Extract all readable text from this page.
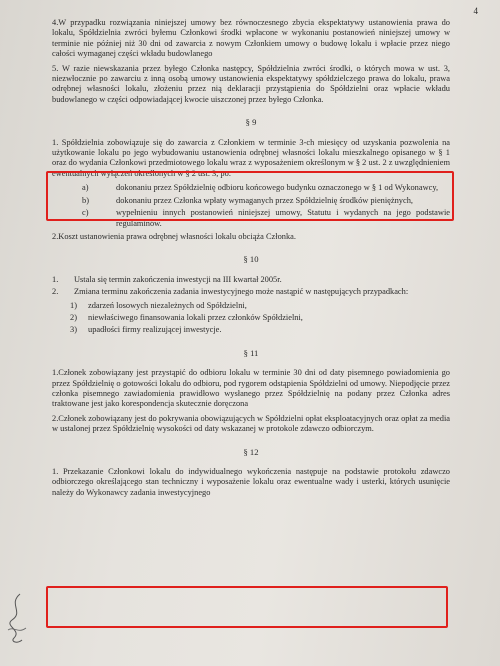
4

4.W przypadku rozwiązania niniejszej umowy bez równoczesnego zbycia ekspektatywy ustanowienia prawa do lokalu, Spółdzielnia zwróci byłemu Członkowi środki wpłacone w wykonaniu postanowień niniejszej umowy w terminie nie później niż 30 dni od zawarcia z nowym Członkiem umowy o budowę lokalu i wpłacie przez niego całości wymaganej części wkładu budowlanego

5. W razie niewskazania przez byłego Członka następcy, Spółdzielnia zwróci środki, o których mowa w ust. 3, niezwłocznie po zawarciu z inną osobą umowy ustanowienia ekspektatywy spółdzielczego prawa do lokalu, prawa odrębnej własności lokalu, złożeniu przez nią deklaracji przystąpienia do Spółdzielni oraz wpłacie wkładu budowlanego w części odpowiadającej kwocie uiszczonej przez byłego Członka.

§ 9

1. Spółdzielnia zobowiązuje się do zawarcia z Członkiem w terminie 3-ch miesięcy od uzyskania pozwolenia na użytkowanie lokalu po jego wybudowaniu ustanowienia odrębnej własności lokalu mieszkalnego opisanego w § 1 oraz do wydania Członkowi przedmiotowego lokalu wraz z wyposażeniem określonym w § 2 ust. 2 z uwzględnieniem ewentualnych wyłączeń określonych w § 2 ust. 3, po:

a)	dokonaniu przez Spółdzielnię odbioru końcowego budynku oznaczonego w § 1 od Wykonawcy,
b)	dokonaniu przez Członka wpłaty wymaganych przez Spółdzielnię środków pieniężnych,
c)	wypełnieniu innych postanowień niniejszej umowy, Statutu i wydanych na jego podstawie regulaminów.

2.Koszt ustanowienia prawa odrębnej własności lokalu obciąża Członka.

§ 10
1.	Ustala się termin zakończenia inwestycji na III kwartał 2005r.
2.	Zmiana terminu zakończenia zadania inwestycyjnego może nastąpić w następujących przypadkach:
1)	zdarzeń losowych niezależnych od Spółdzielni,
2)	niewłaściwego finansowania lokali przez członków Spółdzielni,
3)	upadłości firmy realizującej inwestycje.
§ 11

1.Członek zobowiązany jest przystąpić do odbioru lokalu w terminie 30 dni od daty pisemnego powiadomienia go przez Spółdzielnię o gotowości lokalu do odbioru, pod rygorem odstąpienia Spółdzielni od umowy. Niepodjęcie przez członka pisemnego zawiadomienia prawidłowo wysłanego przez Spółdzielnię na podany przez Członka adres traktowane jest jako korespondencja skutecznie doręczona

2.Członek zobowiązany jest do pokrywania obowiązujących w Spółdzielni opłat eksploatacyjnych oraz opłat za media w ustalonej przez Spółdzielnię wysokości od daty wskazanej w protokole zdawczo odbiorczym.

§ 12

1. Przekazanie Członkowi lokalu do indywidualnego wykończenia następuje na podstawie protokołu zdawczo odbiorczego określającego stan techniczny i wyposażenie lokalu oraz ewentualne wady i usterki, których usunięcie należy do Wykonawcy zadania inwestycyjnego
